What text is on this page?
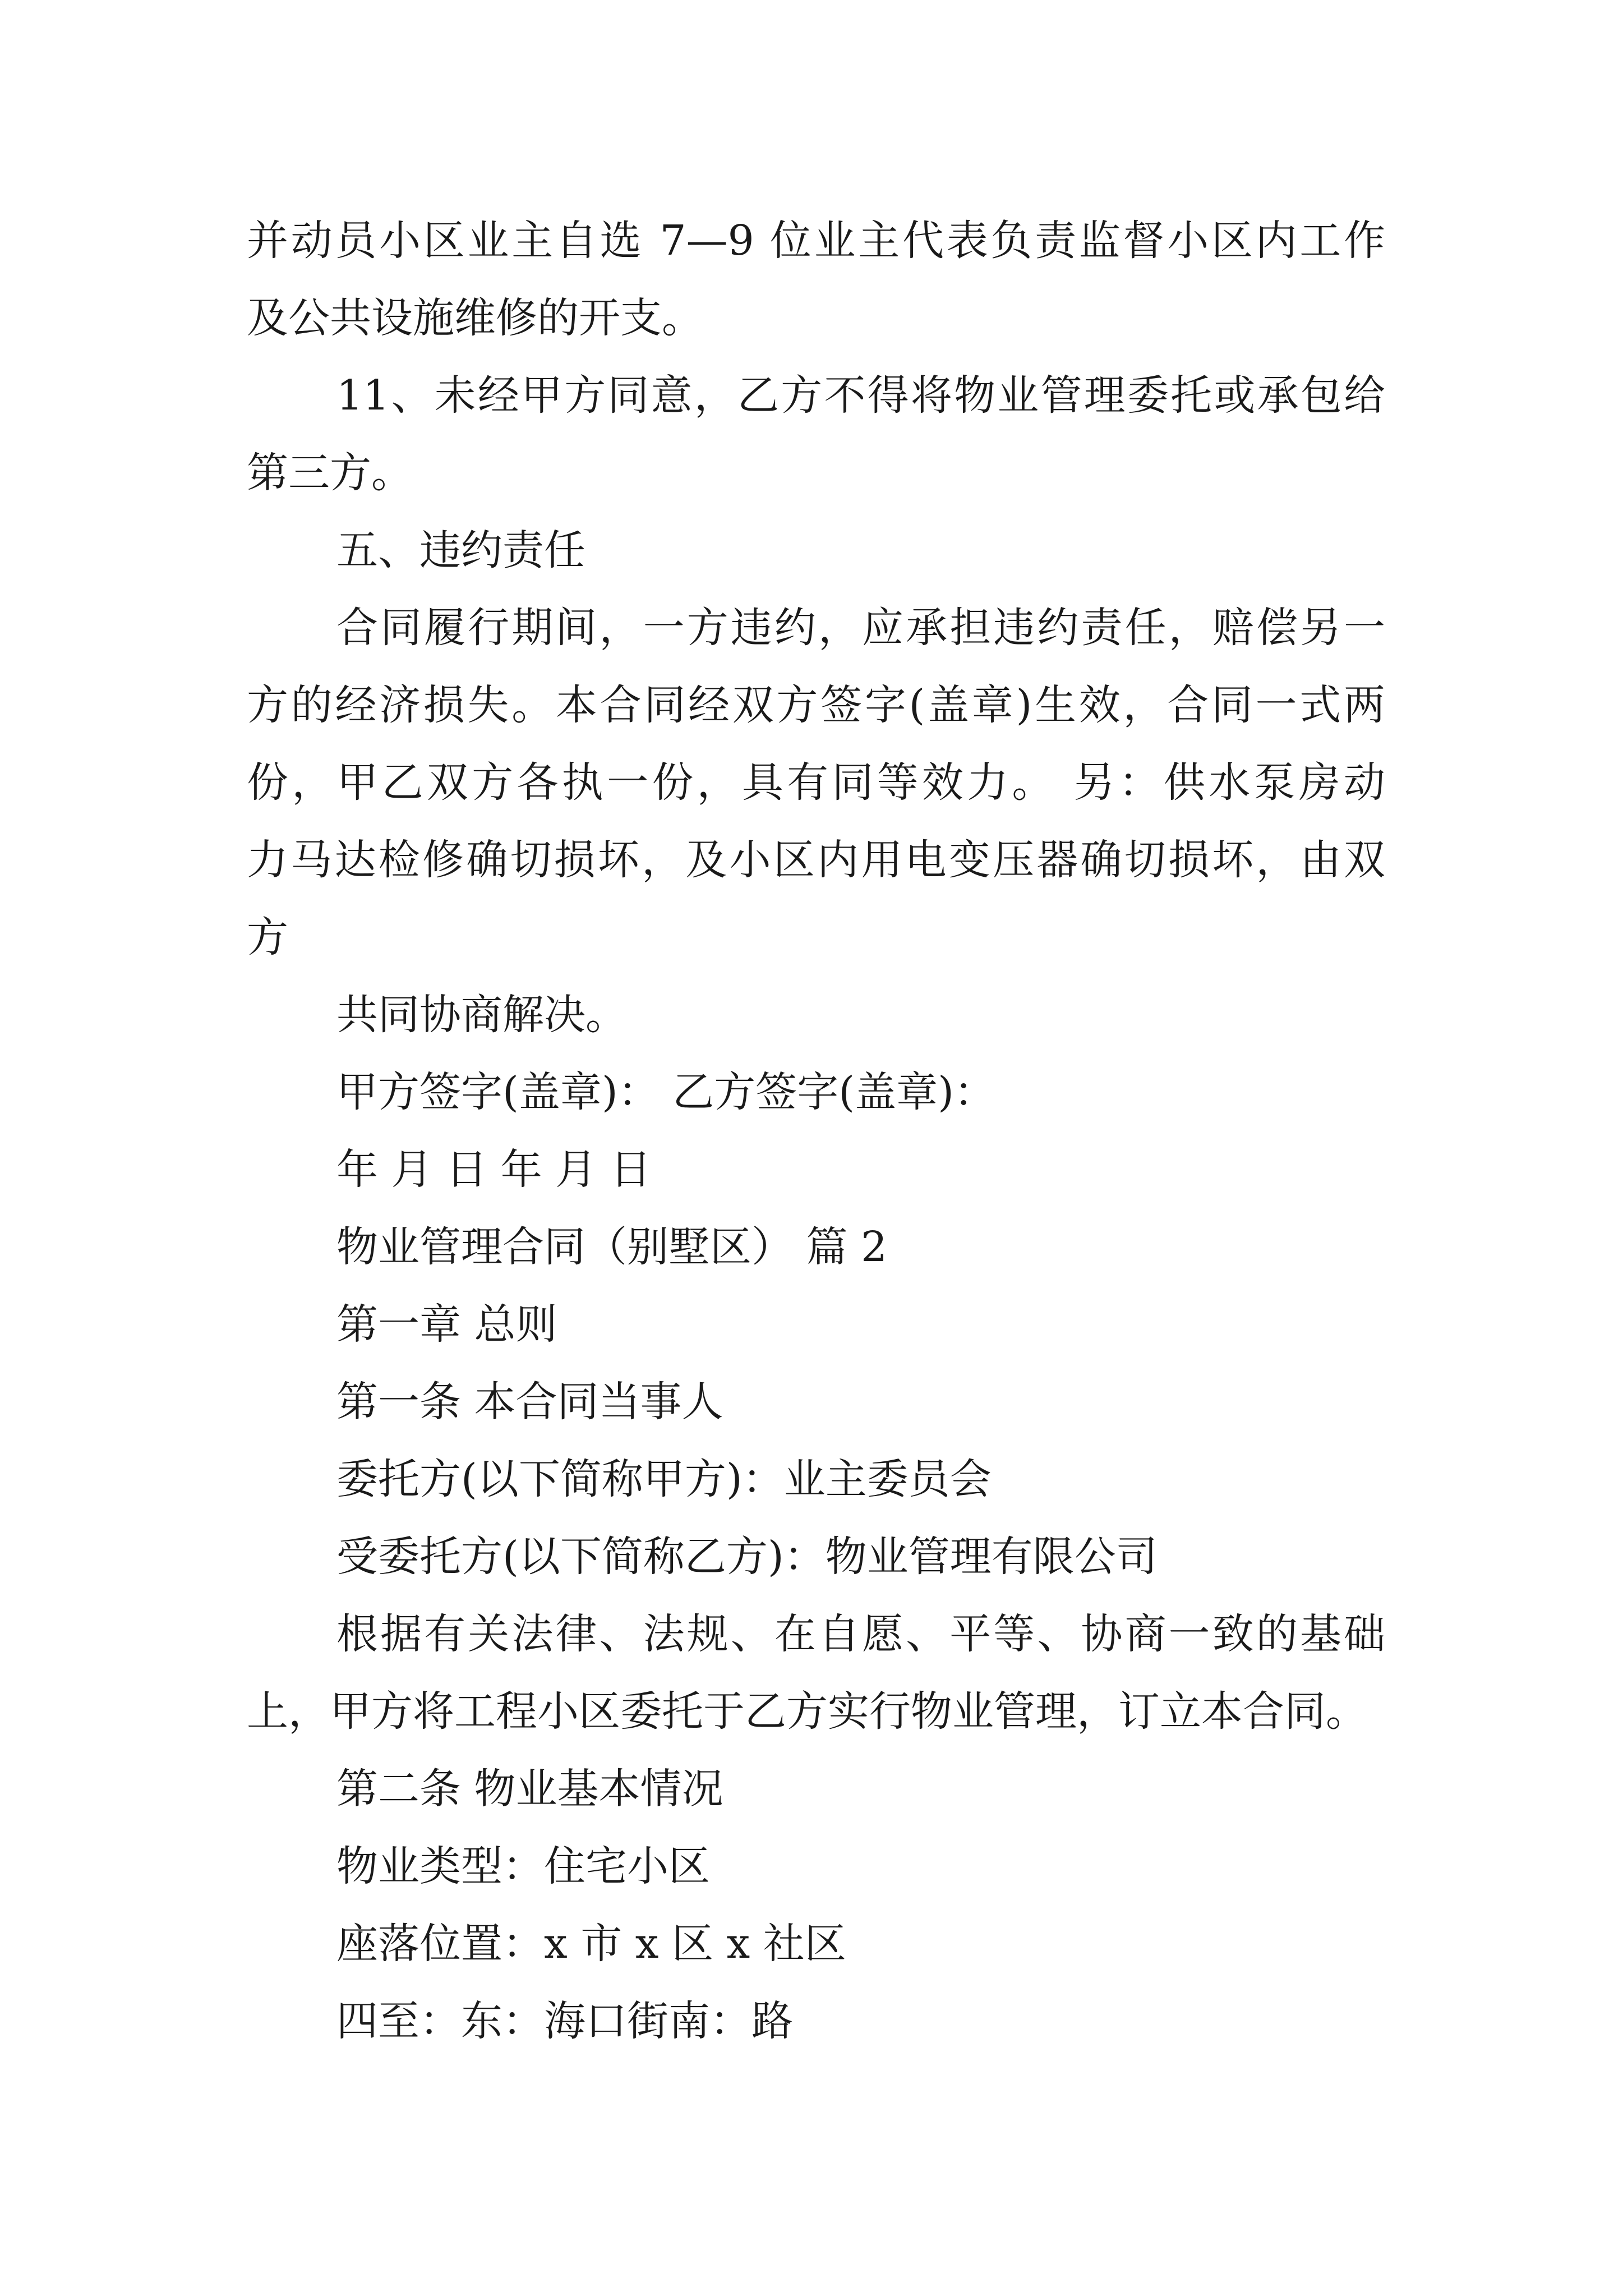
并动员小区业主自选 7—9 位业主代表负责监督小区内工作

及公共设施维修的开支。

11、未经甲方同意，乙方不得将物业管理委托或承包给

第三方。

五、违约责任

合同履行期间，一方违约，应承担违约责任，赔偿另一

方的经济损失。本合同经双方签字(盖章)生效，合同一式两

份，甲乙双方各执一份，具有同等效力。 另：供水泵房动

力马达检修确切损坏，及小区内用电变压器确切损坏，由双

方

共同协商解决。

甲方签字(盖章)： 乙方签字(盖章)：

年 月 日 年 月 日

物业管理合同（别墅区） 篇 2

第一章 总则

第一条 本合同当事人

委托方(以下简称甲方)：业主委员会

受委托方(以下简称乙方)：物业管理有限公司

根据有关法律、法规、在自愿、平等、协商一致的基础

上，甲方将工程小区委托于乙方实行物业管理，订立本合同。

第二条 物业基本情况

物业类型：住宅小区

座落位置：x 市 x 区 x 社区

四至：东：海口街南：路
